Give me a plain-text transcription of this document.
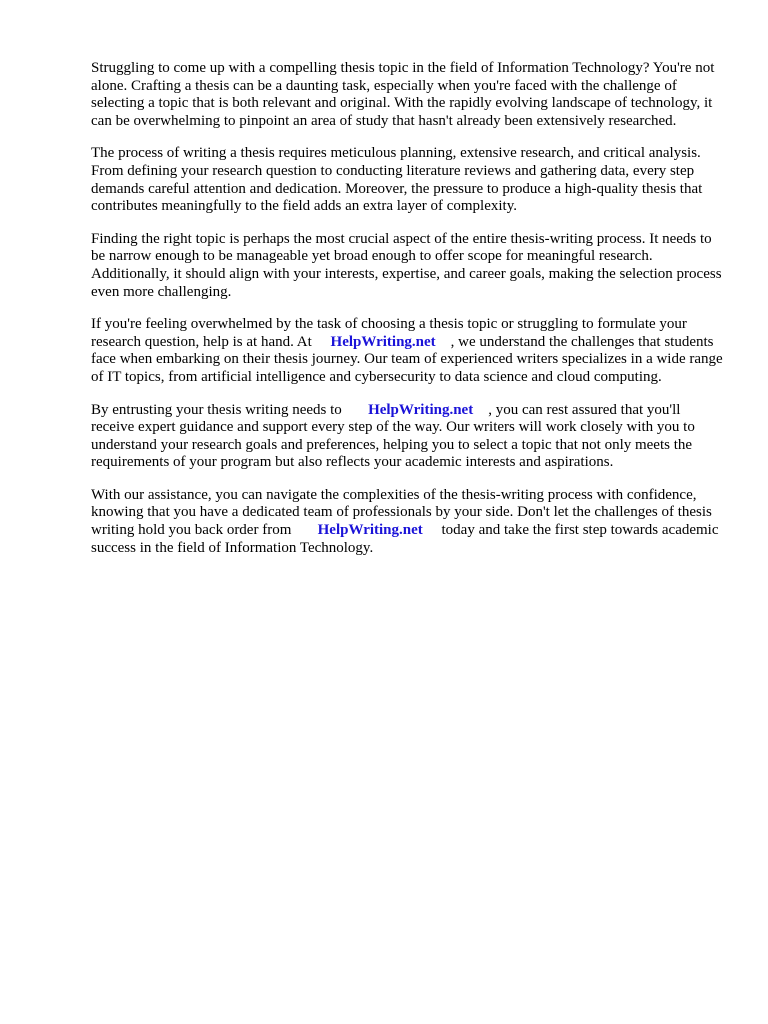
Struggling to come up with a compelling thesis topic in the field of Information Technology? You're not alone. Crafting a thesis can be a daunting task, especially when you're faced with the challenge of selecting a topic that is both relevant and original. With the rapidly evolving landscape of technology, it can be overwhelming to pinpoint an area of study that hasn't already been extensively researched.

The process of writing a thesis requires meticulous planning, extensive research, and critical analysis. From defining your research question to conducting literature reviews and gathering data, every step demands careful attention and dedication. Moreover, the pressure to produce a high-quality thesis that contributes meaningfully to the field adds an extra layer of complexity.

Finding the right topic is perhaps the most crucial aspect of the entire thesis-writing process. It needs to be narrow enough to be manageable yet broad enough to offer scope for meaningful research. Additionally, it should align with your interests, expertise, and career goals, making the selection process even more challenging.

If you're feeling overwhelmed by the task of choosing a thesis topic or struggling to formulate your research question, help is at hand. At HelpWriting.net , we understand the challenges that students face when embarking on their thesis journey. Our team of experienced writers specializes in a wide range of IT topics, from artificial intelligence and cybersecurity to data science and cloud computing.

By entrusting your thesis writing needs to HelpWriting.net , you can rest assured that you'll receive expert guidance and support every step of the way. Our writers will work closely with you to understand your research goals and preferences, helping you to select a topic that not only meets the requirements of your program but also reflects your academic interests and aspirations.

With our assistance, you can navigate the complexities of the thesis-writing process with confidence, knowing that you have a dedicated team of professionals by your side. Don't let the challenges of thesis writing hold you back order from HelpWriting.net today and take the first step towards academic success in the field of Information Technology.
